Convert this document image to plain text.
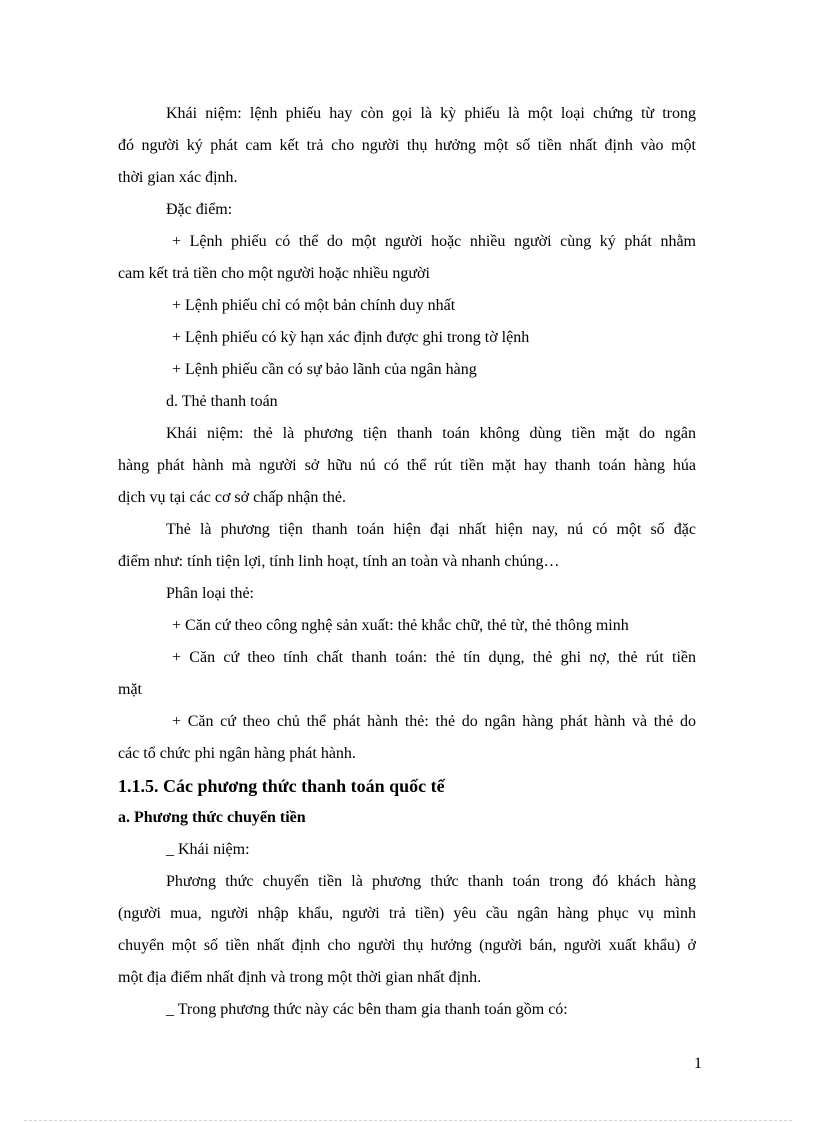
Khái niệm: lệnh phiếu hay còn gọi là kỳ phiếu là một loại chứng từ trong
đó người ký phát cam kết trả cho người thụ hưởng một số tiền nhất định vào một
thời gian xác định.
Đặc điểm:
+ Lệnh phiếu có thể do một người hoặc nhiều người cùng ký phát nhằm
cam kết trả tiền cho một người hoặc nhiều người
+ Lệnh phiếu chỉ có một bản chính duy nhất
+ Lệnh phiếu có kỳ hạn xác định được ghi trong tờ lệnh
+ Lệnh phiếu cần có sự bảo lãnh của ngân hàng
d. Thẻ thanh toán
Khái niệm: thẻ là phương tiện thanh toán không dùng tiền mặt do ngân
hàng phát hành mà người sở hữu nú có thể rút tiền mặt hay thanh toán hàng húa
dịch vụ tại các cơ sở chấp nhận thẻ.
Thẻ là phương tiện thanh toán hiện đại nhất hiện nay, nú có một số đặc
điểm như: tính tiện lợi, tính linh hoạt, tính an toàn và nhanh chúng…
Phân loại thẻ:
+ Căn cứ theo công nghệ sản xuất: thẻ khắc chữ, thẻ từ, thẻ thông minh
+ Căn cứ theo tính chất thanh toán: thẻ tín dụng, thẻ ghi nợ, thẻ rút tiền
mặt
+ Căn cứ theo chủ thể phát hành thẻ: thẻ do ngân hàng phát hành và thẻ do
các tổ chức phi ngân hàng phát hành.
1.1.5. Các phương thức thanh toán quốc tế
a. Phương thức chuyển tiền
_ Khái niệm:
Phương thức chuyển tiền là phương thức thanh toán trong đó khách hàng
(người mua, người nhập khẩu, người trả tiền) yêu cầu ngân hàng phục vụ mình
chuyển một số tiền nhất định cho người thụ hưởng (người bán, người xuất khẩu) ở
một địa điểm nhất định và trong một thời gian nhất định.
_ Trong phương thức này các bên tham gia thanh toán gồm có:
1
